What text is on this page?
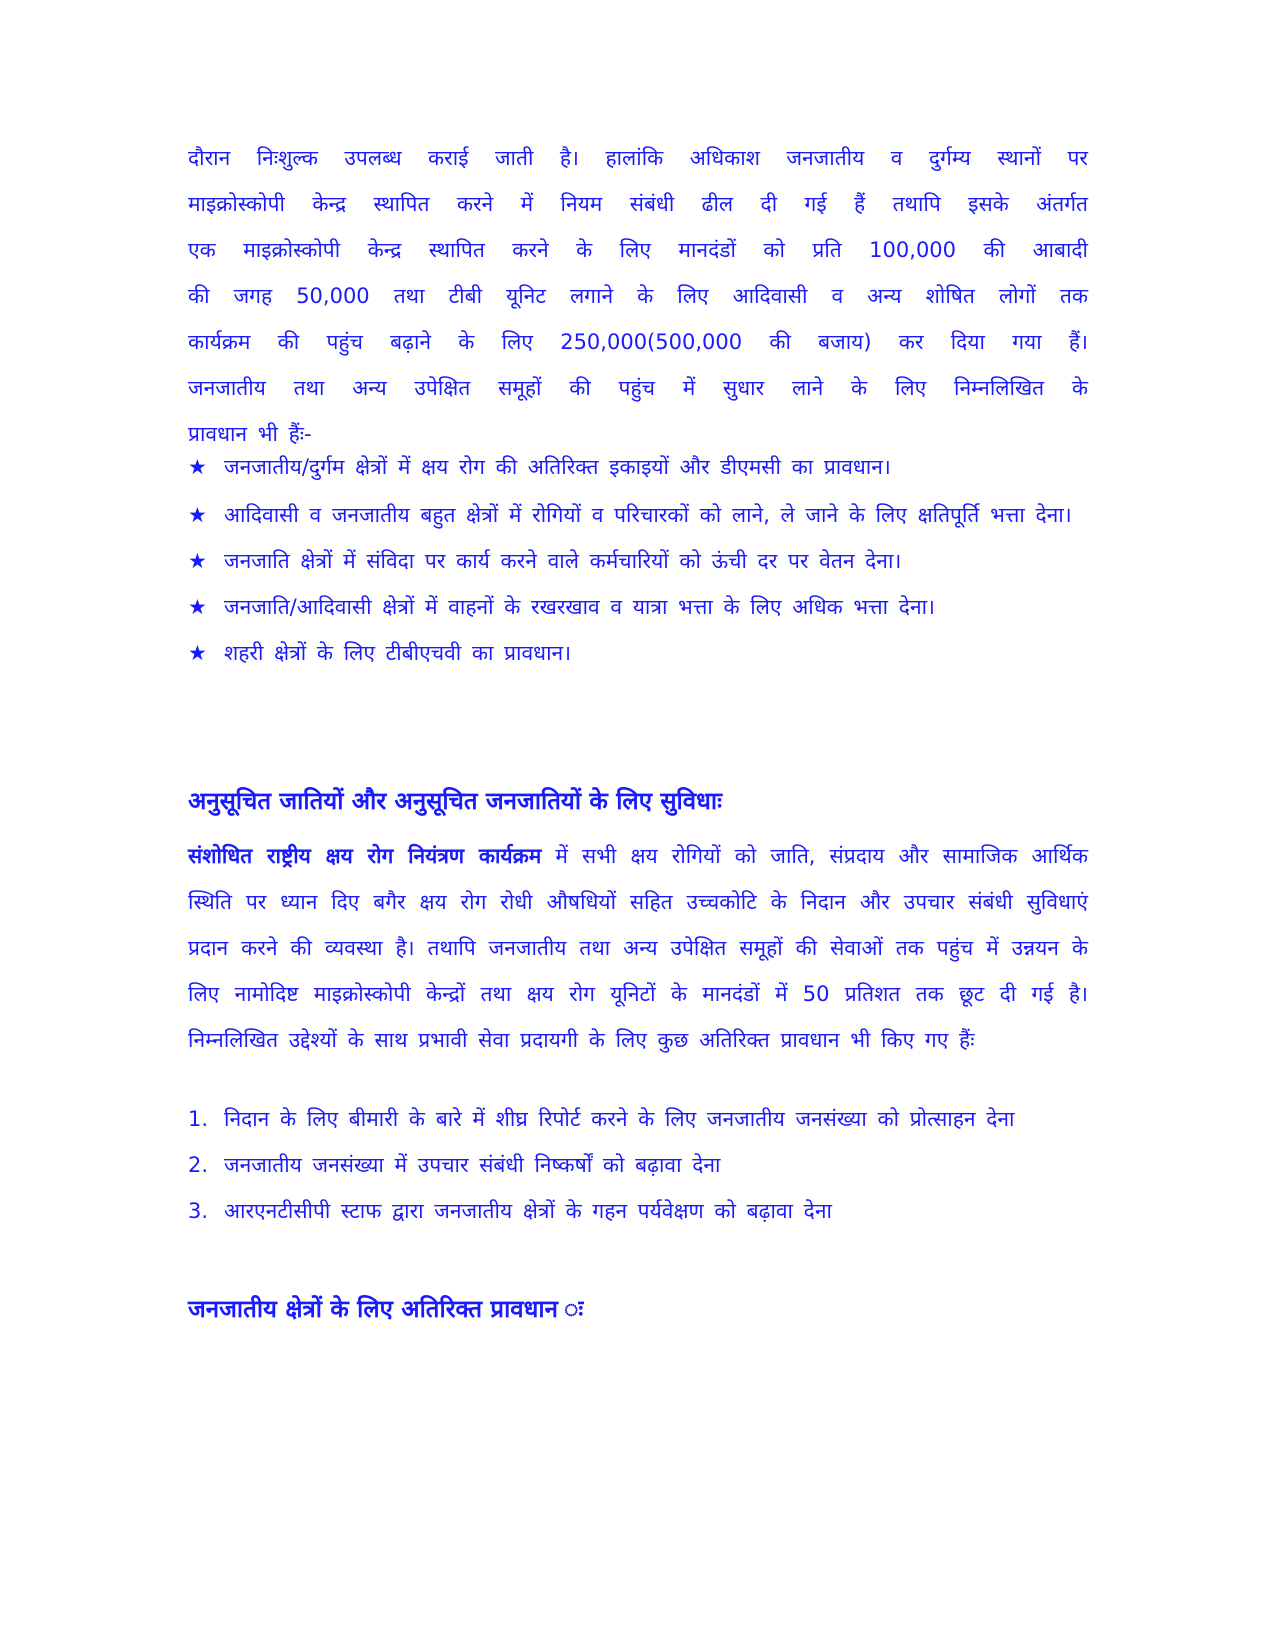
दौरान निःशुल्क उपलब्ध कराई जाती है। हालांकि अधिकाश जनजातीय व दुर्गम्य स्थानों पर

माइक्रोस्कोपी केन्द्र स्थापित करने में नियम संबंधी ढील दी गई हैं तथापि इसके अंतर्गत

एक माइक्रोस्कोपी केन्द्र स्थापित करने के लिए मानदंडों को प्रति 100,000 की आबादी

की जगह 50,000 तथा टीबी यूनिट लगाने के लिए आदिवासी व अन्य शोषित लोगों तक

कार्यक्रम की पहुंच बढ़ाने के लिए 250,000(500,000 की बजाय) कर दिया गया हैं।

जनजातीय तथा अन्य उपेक्षित समूहों की पहुंच में सुधार लाने के लिए निम्नलिखित के

प्रावधान भी हैंः-

★ जनजातीय/दुर्गम क्षेत्रों में क्षय रोग की अतिरिक्त इकाइयों और डीएमसी का प्रावधान।
★ आदिवासी व जनजातीय बहुत क्षेत्रों में रोगियों व परिचारकों को लाने, ले जाने के लिए क्षतिपूर्ति भत्ता देना।
★ जनजाति क्षेत्रों में संविदा पर कार्य करने वाले कर्मचारियों को ऊंची दर पर वेतन देना।
★ जनजाति/आदिवासी क्षेत्रों में वाहनों के रखरखाव व यात्रा भत्ता के लिए अधिक भत्ता देना।
★ शहरी क्षेत्रों के लिए टीबीएचवी का प्रावधान।

अनुसूचित जातियों और अनुसूचित जनजातियों के लिए सुविधाः

संशोधित राष्ट्रीय क्षय रोग नियंत्रण कार्यक्रम में सभी क्षय रोगियों को जाति, संप्रदाय और सामाजिक आर्थिक स्थिति पर ध्यान दिए बगैर क्षय रोग रोधी औषधियों सहित उच्चकोटि के निदान और उपचार संबंधी सुविधाएं प्रदान करने की व्यवस्था है। तथापि जनजातीय तथा अन्य उपेक्षित समूहों की सेवाओं तक पहुंच में उन्नयन के लिए नामोदिष्ट माइक्रोस्कोपी केन्द्रों तथा क्षय रोग यूनिटों के मानदंडों में 50 प्रतिशत तक छूट दी गई है। निम्नलिखित उद्देश्यों के साथ प्रभावी सेवा प्रदायगी के लिए कुछ अतिरिक्त प्रावधान भी किए गए हैंः

1. निदान के लिए बीमारी के बारे में शीघ्र रिपोर्ट करने के लिए जनजातीय जनसंख्या को प्रोत्साहन देना
2. जनजातीय जनसंख्या में उपचार संबंधी निष्कर्षों को बढ़ावा देना
3. आरएनटीसीपी स्टाफ द्वारा जनजातीय क्षेत्रों के गहन पर्यवेक्षण को बढ़ावा देना

जनजातीय क्षेत्रों के लिए अतिरिक्त प्रावधान ः
